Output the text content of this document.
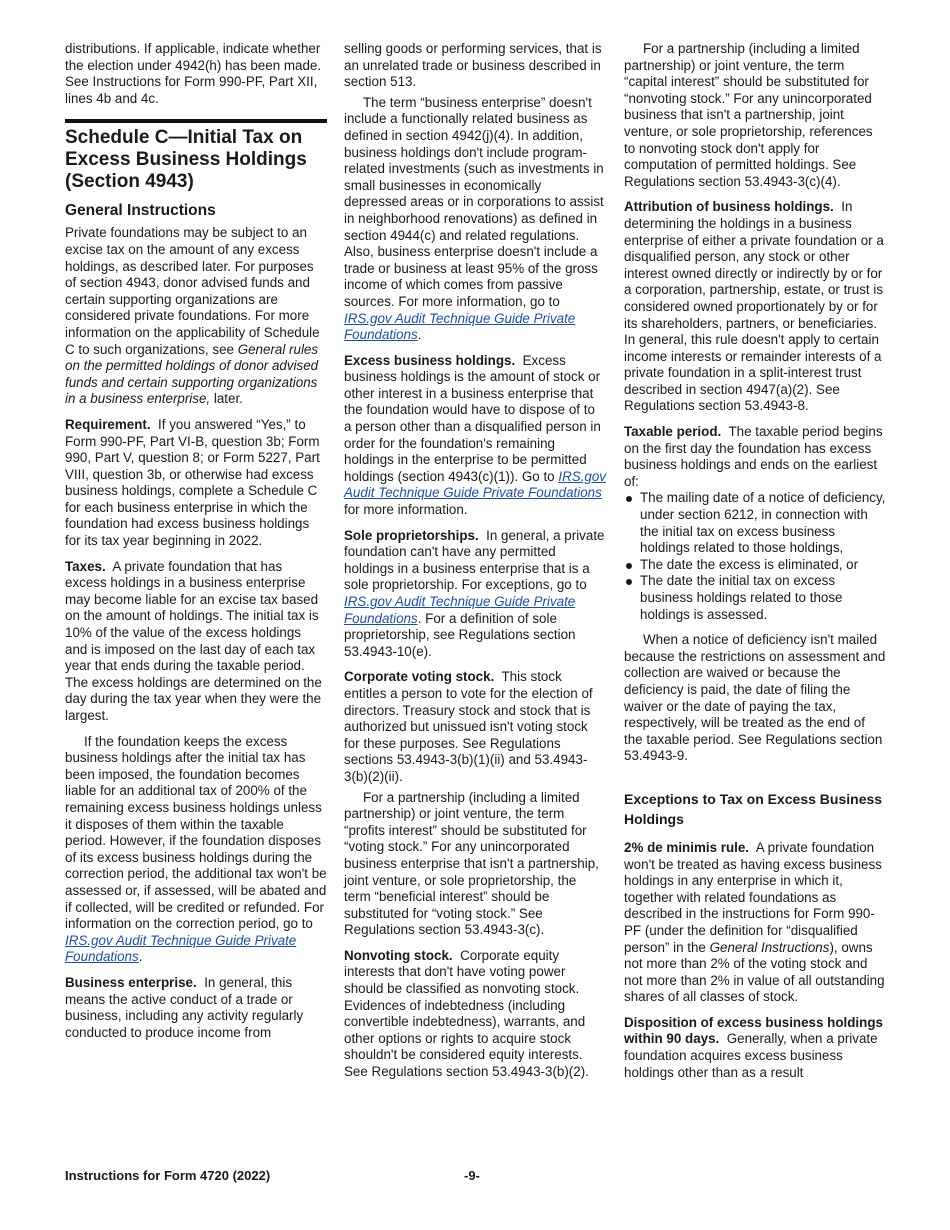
distributions. If applicable, indicate whether the election under 4942(h) has been made. See Instructions for Form 990-PF, Part XII, lines 4b and 4c.

Schedule C—Initial Tax on Excess Business Holdings (Section 4943)
General Instructions

Private foundations may be subject to an excise tax on the amount of any excess holdings, as described later. For purposes of section 4943, donor advised funds and certain supporting organizations are considered private foundations. For more information on the applicability of Schedule C to such organizations, see General rules on the permitted holdings of donor advised funds and certain supporting organizations in a business enterprise, later.

Requirement. If you answered “Yes,” to Form 990-PF, Part VI-B, question 3b; Form 990, Part V, question 8; or Form 5227, Part VIII, question 3b, or otherwise had excess business holdings, complete a Schedule C for each business enterprise in which the foundation had excess business holdings for its tax year beginning in 2022.

Taxes. A private foundation that has excess holdings in a business enterprise may become liable for an excise tax based on the amount of holdings. The initial tax is 10% of the value of the excess holdings and is imposed on the last day of each tax year that ends during the taxable period. The excess holdings are determined on the day during the tax year when they were the largest.

If the foundation keeps the excess business holdings after the initial tax has been imposed, the foundation becomes liable for an additional tax of 200% of the remaining excess business holdings unless it disposes of them within the taxable period. However, if the foundation disposes of its excess business holdings during the correction period, the additional tax won't be assessed or, if assessed, will be abated and if collected, will be credited or refunded. For information on the correction period, go to IRS.gov Audit Technique Guide Private Foundations.

Business enterprise. In general, this means the active conduct of a trade or business, including any activity regularly conducted to produce income from

selling goods or performing services, that is an unrelated trade or business described in section 513.

The term “business enterprise” doesn't include a functionally related business as defined in section 4942(j)(4). In addition, business holdings don't include program-related investments (such as investments in small businesses in economically depressed areas or in corporations to assist in neighborhood renovations) as defined in section 4944(c) and related regulations. Also, business enterprise doesn't include a trade or business at least 95% of the gross income of which comes from passive sources. For more information, go to IRS.gov Audit Technique Guide Private Foundations.

Excess business holdings. Excess business holdings is the amount of stock or other interest in a business enterprise that the foundation would have to dispose of to a person other than a disqualified person in order for the foundation's remaining holdings in the enterprise to be permitted holdings (section 4943(c)(1)). Go to IRS.gov Audit Technique Guide Private Foundations for more information.

Sole proprietorships. In general, a private foundation can't have any permitted holdings in a business enterprise that is a sole proprietorship. For exceptions, go to IRS.gov Audit Technique Guide Private Foundations. For a definition of sole proprietorship, see Regulations section 53.4943-10(e).

Corporate voting stock. This stock entitles a person to vote for the election of directors. Treasury stock and stock that is authorized but unissued isn't voting stock for these purposes. See Regulations sections 53.4943-3(b)(1)(ii) and 53.4943-3(b)(2)(ii).

For a partnership (including a limited partnership) or joint venture, the term “profits interest” should be substituted for “voting stock.” For any unincorporated business enterprise that isn't a partnership, joint venture, or sole proprietorship, the term “beneficial interest” should be substituted for “voting stock.” See Regulations section 53.4943-3(c).

Nonvoting stock. Corporate equity interests that don't have voting power should be classified as nonvoting stock. Evidences of indebtedness (including convertible indebtedness), warrants, and other options or rights to acquire stock shouldn't be considered equity interests. See Regulations section 53.4943-3(b)(2).

For a partnership (including a limited partnership) or joint venture, the term “capital interest” should be substituted for “nonvoting stock.” For any unincorporated business that isn't a partnership, joint venture, or sole proprietorship, references to nonvoting stock don't apply for computation of permitted holdings. See Regulations section 53.4943-3(c)(4).

Attribution of business holdings. In determining the holdings in a business enterprise of either a private foundation or a disqualified person, any stock or other interest owned directly or indirectly by or for a corporation, partnership, estate, or trust is considered owned proportionately by or for its shareholders, partners, or beneficiaries. In general, this rule doesn't apply to certain income interests or remainder interests of a private foundation in a split-interest trust described in section 4947(a)(2). See Regulations section 53.4943-8.

Taxable period. The taxable period begins on the first day the foundation has excess business holdings and ends on the earliest of:

The mailing date of a notice of deficiency, under section 6212, in connection with the initial tax on excess business holdings related to those holdings,
The date the excess is eliminated, or
The date the initial tax on excess business holdings related to those holdings is assessed.

When a notice of deficiency isn't mailed because the restrictions on assessment and collection are waived or because the deficiency is paid, the date of filing the waiver or the date of paying the tax, respectively, will be treated as the end of the taxable period. See Regulations section 53.4943-9.

Exceptions to Tax on Excess Business Holdings

2% de minimis rule. A private foundation won't be treated as having excess business holdings in any enterprise in which it, together with related foundations as described in the instructions for Form 990-PF (under the definition for “disqualified person” in the General Instructions), owns not more than 2% of the voting stock and not more than 2% in value of all outstanding shares of all classes of stock.

Disposition of excess business holdings within 90 days. Generally, when a private foundation acquires excess business holdings other than as a result

Instructions for Form 4720 (2022)	-9-
